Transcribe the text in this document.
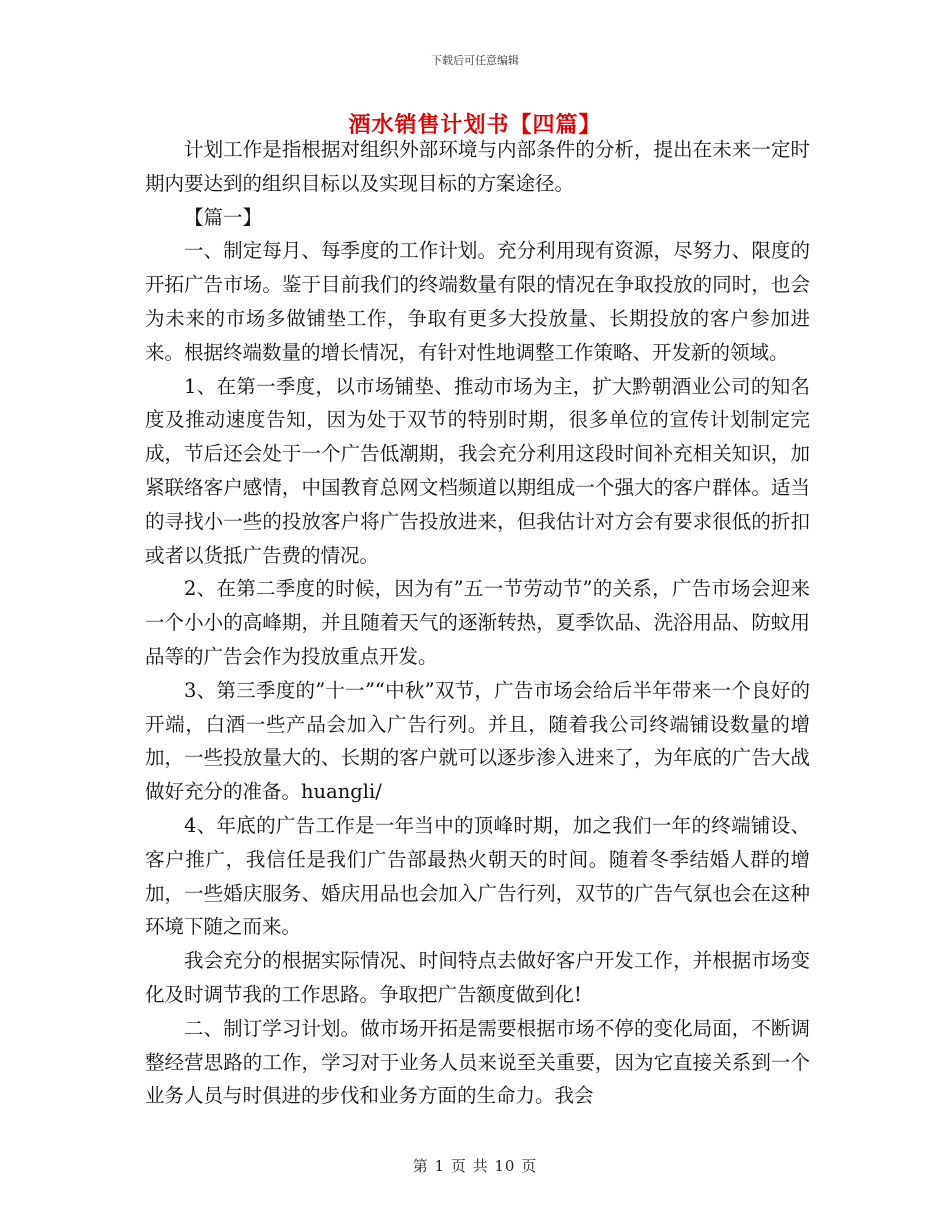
下载后可任意编辑
酒水销售计划书【四篇】

计划工作是指根据对组织外部环境与内部条件的分析，提出在未来一定时期内要达到的组织目标以及实现目标的方案途径。

【篇一】

一、制定每月、每季度的工作计划。充分利用现有资源，尽努力、限度的开拓广告市场。鉴于目前我们的终端数量有限的情况在争取投放的同时，也会为未来的市场多做铺垫工作，争取有更多大投放量、长期投放的客户参加进来。根据终端数量的增长情况，有针对性地调整工作策略、开发新的领域。

1、在第一季度，以市场铺垫、推动市场为主，扩大黔朝酒业公司的知名度及推动速度告知，因为处于双节的特别时期，很多单位的宣传计划制定完成，节后还会处于一个广告低潮期，我会充分利用这段时间补充相关知识，加紧联络客户感情，中国教育总网文档频道以期组成一个强大的客户群体。适当的寻找小一些的投放客户将广告投放进来，但我估计对方会有要求很低的折扣或者以货抵广告费的情况。

2、在第二季度的时候，因为有”五一节劳动节”的关系，广告市场会迎来一个小小的高峰期，并且随着天气的逐渐转热，夏季饮品、洗浴用品、防蚊用品等的广告会作为投放重点开发。

3、第三季度的”十一”“中秋”双节，广告市场会给后半年带来一个良好的开端，白酒一些产品会加入广告行列。并且，随着我公司终端铺设数量的增加，一些投放量大的、长期的客户就可以逐步渗入进来了，为年底的广告大战做好充分的准备。huangli/

4、年底的广告工作是一年当中的顶峰时期，加之我们一年的终端铺设、客户推广，我信任是我们广告部最热火朝天的时间。随着冬季结婚人群的增加，一些婚庆服务、婚庆用品也会加入广告行列，双节的广告气氛也会在这种环境下随之而来。

我会充分的根据实际情况、时间特点去做好客户开发工作，并根据市场变化及时调节我的工作思路。争取把广告额度做到化!

二、制订学习计划。做市场开拓是需要根据市场不停的变化局面，不断调整经营思路的工作，学习对于业务人员来说至关重要，因为它直接关系到一个业务人员与时俱进的步伐和业务方面的生命力。我会

第 1 页 共 10 页
